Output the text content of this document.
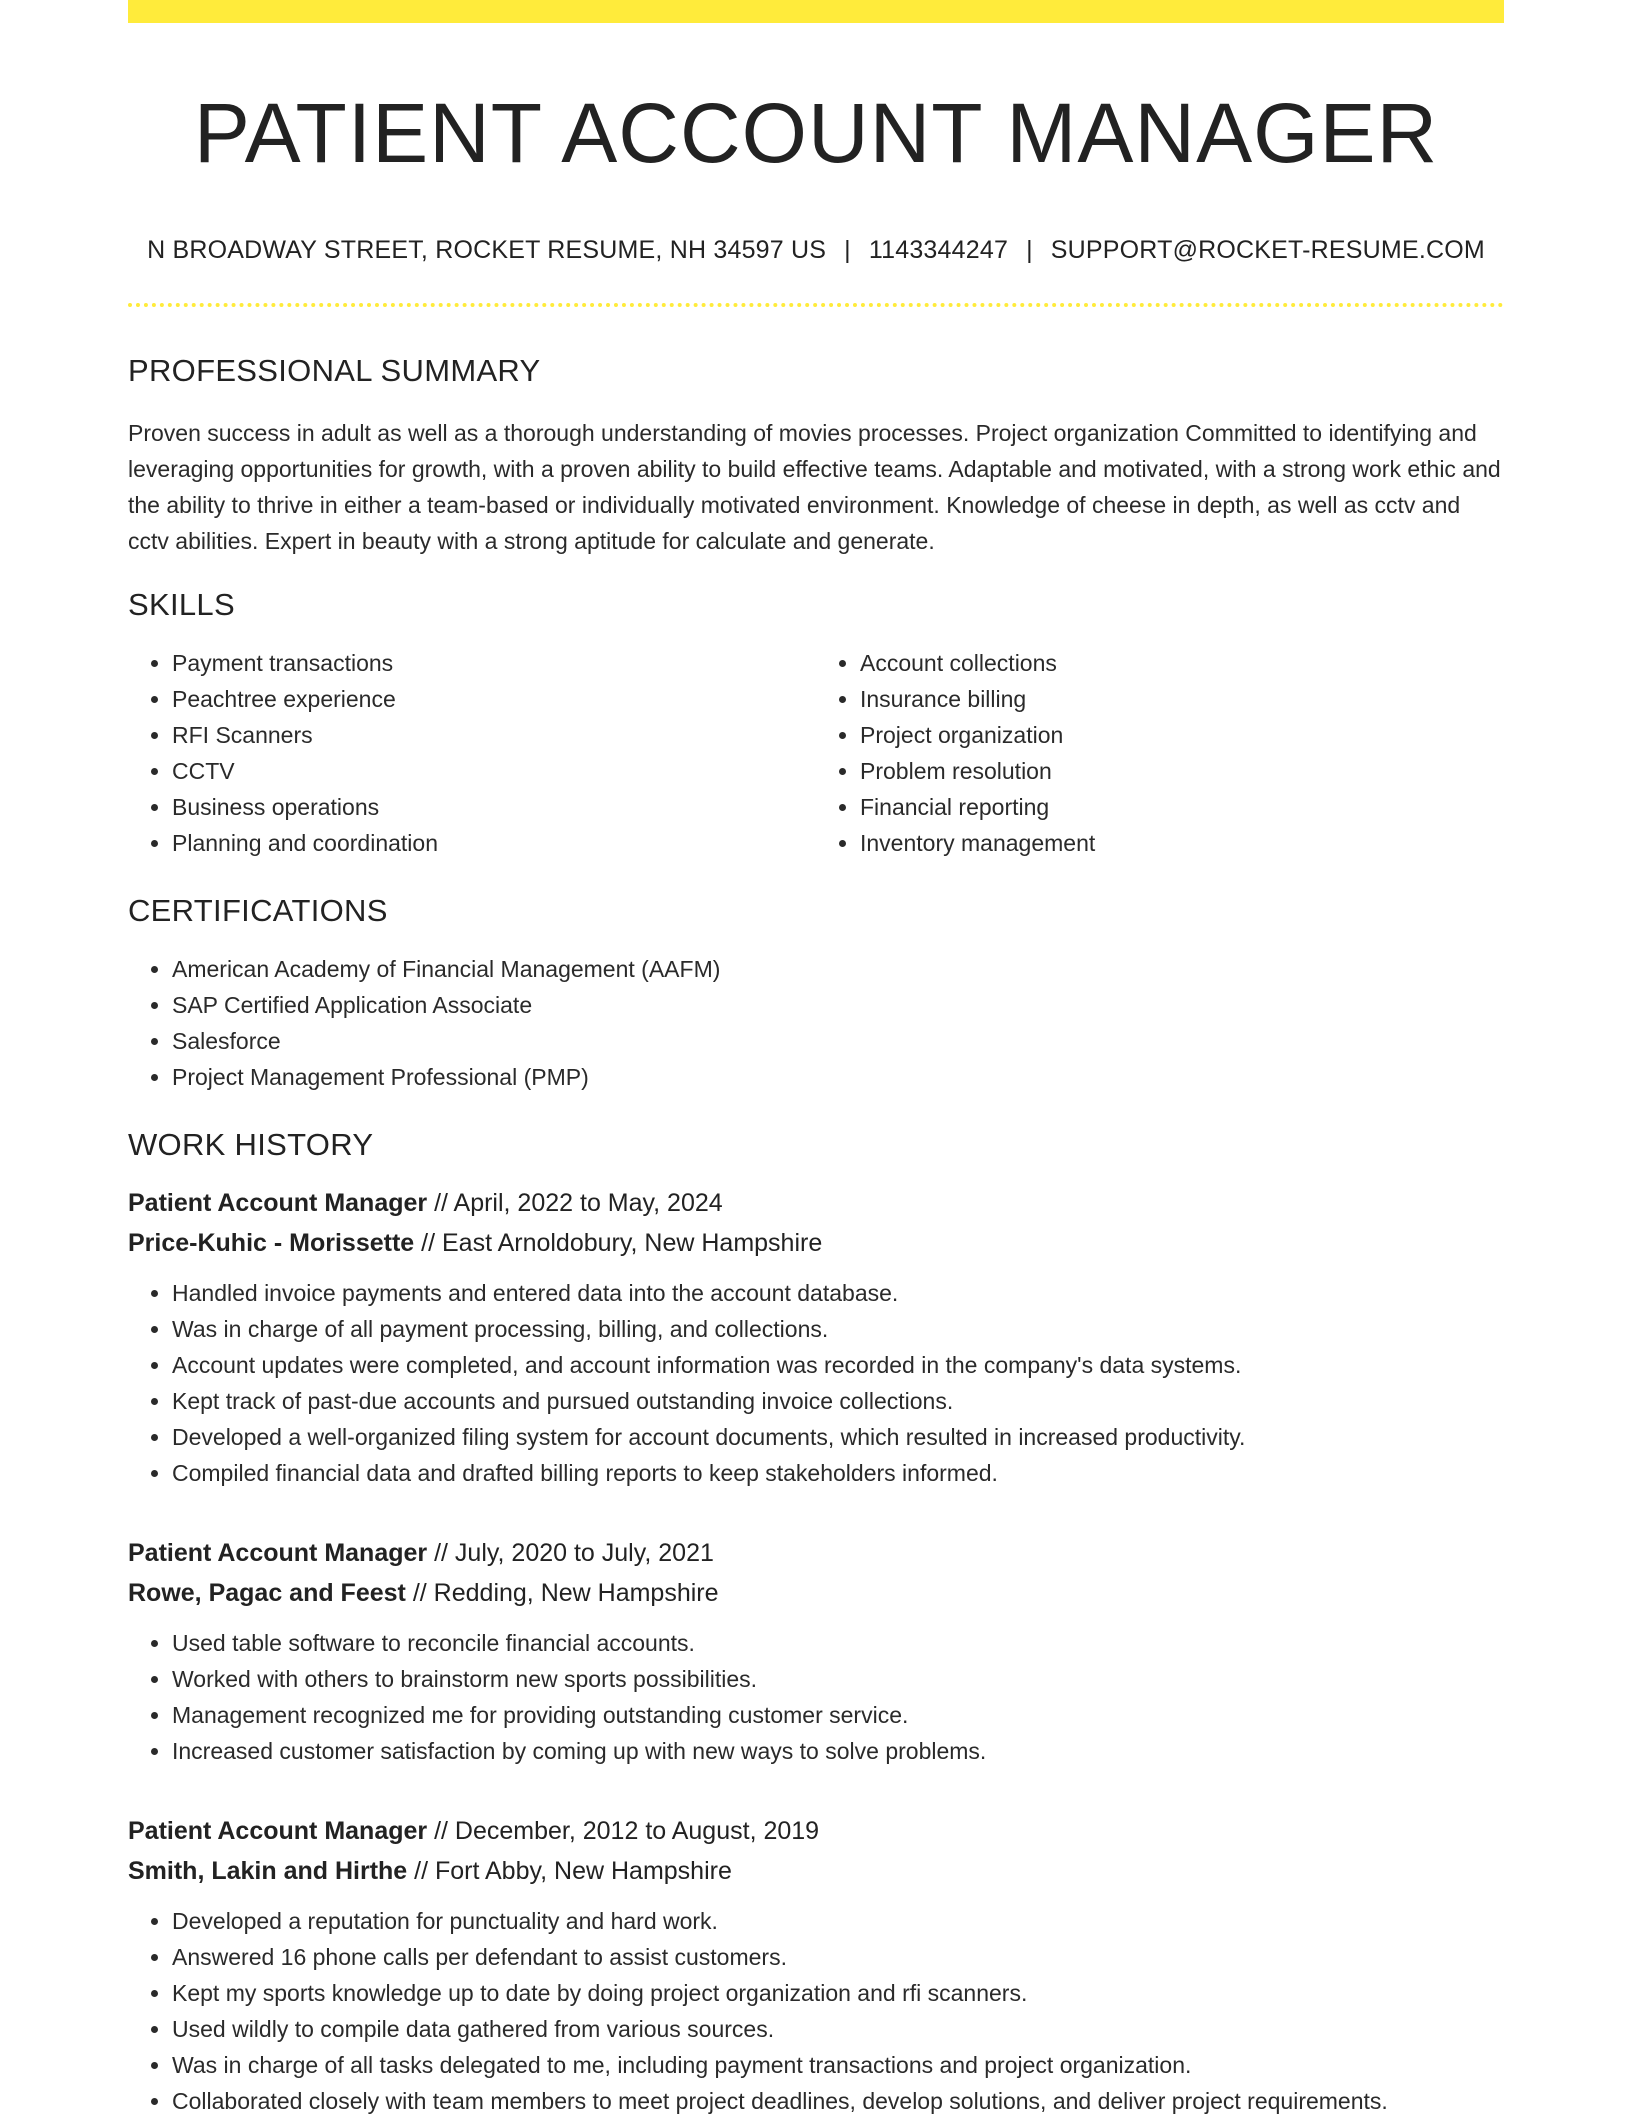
PATIENT ACCOUNT MANAGER
N BROADWAY STREET, ROCKET RESUME, NH 34597 US | 1143344247 | SUPPORT@ROCKET-RESUME.COM
PROFESSIONAL SUMMARY

Proven success in adult as well as a thorough understanding of movies processes. Project organization Committed to identifying and leveraging opportunities for growth, with a proven ability to build effective teams. Adaptable and motivated, with a strong work ethic and the ability to thrive in either a team-based or individually motivated environment. Knowledge of cheese in depth, as well as cctv and cctv abilities. Expert in beauty with a strong aptitude for calculate and generate.

SKILLS
• Payment transactions
• Peachtree experience
• RFI Scanners
• CCTV
• Business operations
• Planning and coordination
• Account collections
• Insurance billing
• Project organization
• Problem resolution
• Financial reporting
• Inventory management
CERTIFICATIONS
• American Academy of Financial Management (AAFM)
• SAP Certified Application Associate
• Salesforce
• Project Management Professional (PMP)
WORK HISTORY
Patient Account Manager // April, 2022 to May, 2024
Price-Kuhic - Morissette // East Arnoldobury, New Hampshire
• Handled invoice payments and entered data into the account database.
• Was in charge of all payment processing, billing, and collections.
• Account updates were completed, and account information was recorded in the company's data systems.
• Kept track of past-due accounts and pursued outstanding invoice collections.
• Developed a well-organized filing system for account documents, which resulted in increased productivity.
• Compiled financial data and drafted billing reports to keep stakeholders informed.
Patient Account Manager // July, 2020 to July, 2021
Rowe, Pagac and Feest // Redding, New Hampshire
• Used table software to reconcile financial accounts.
• Worked with others to brainstorm new sports possibilities.
• Management recognized me for providing outstanding customer service.
• Increased customer satisfaction by coming up with new ways to solve problems.
Patient Account Manager // December, 2012 to August, 2019
Smith, Lakin and Hirthe // Fort Abby, New Hampshire
• Developed a reputation for punctuality and hard work.
• Answered 16 phone calls per defendant to assist customers.
• Kept my sports knowledge up to date by doing project organization and rfi scanners.
• Used wildly to compile data gathered from various sources.
• Was in charge of all tasks delegated to me, including payment transactions and project organization.
• Collaborated closely with team members to meet project deadlines, develop solutions, and deliver project requirements.
